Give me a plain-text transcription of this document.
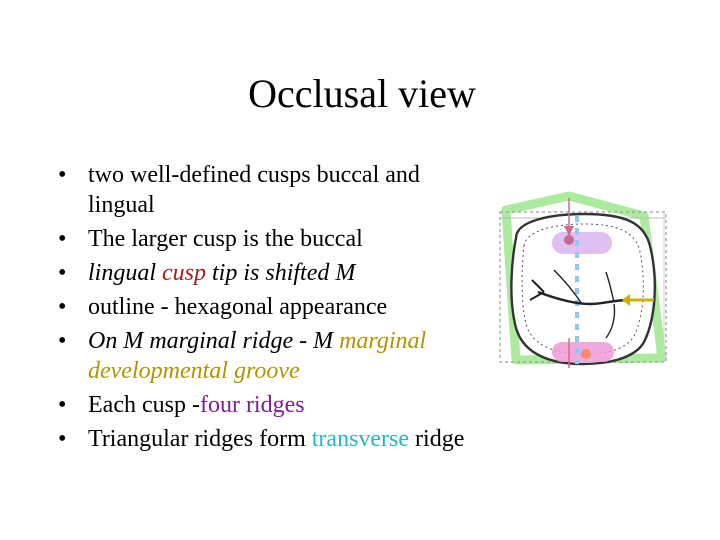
Occlusal view
• two well-defined cusps buccal and lingual
• The larger cusp is the buccal
• lingual cusp tip is shifted M
• outline - hexagonal appearance
• On M marginal ridge - M marginal developmental groove
• Each cusp -four ridges
• Triangular ridges form transverse ridge
